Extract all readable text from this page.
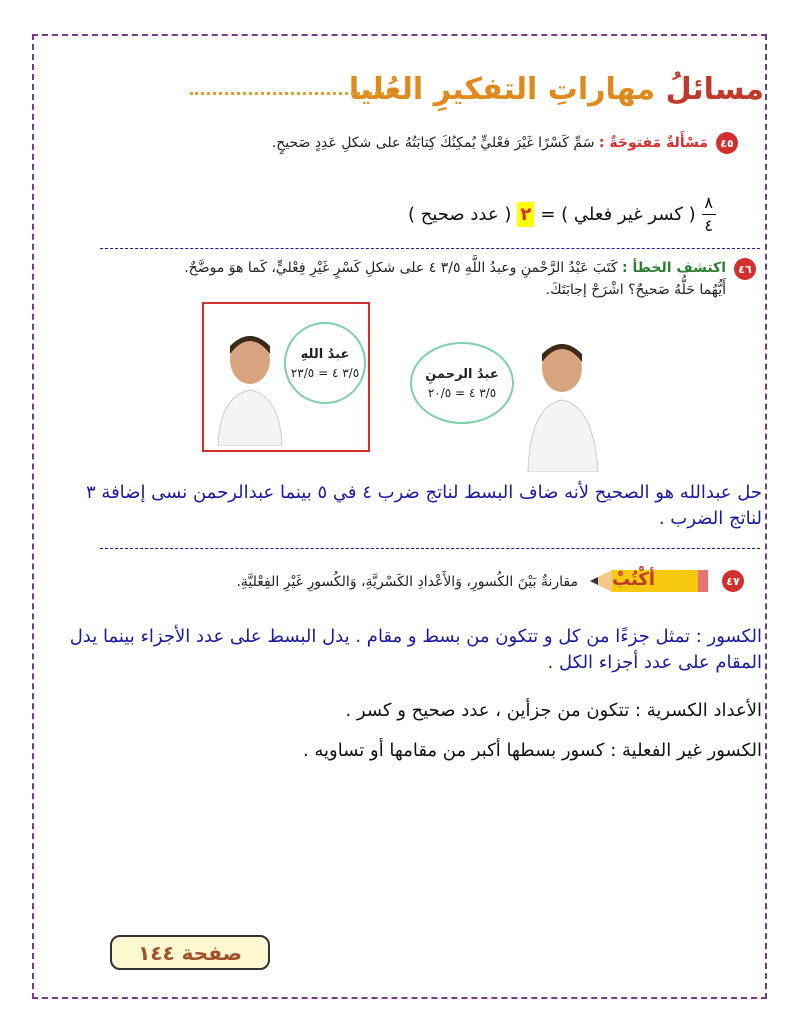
مسائلُ مهاراتِ التفكيرِ العُليا
٤٥
مَسْأَلةٌ مَفتوحَةٌ : سَمِّ كَسْرًا غَيْرَ فعْليٍّ يُمكِنُكَ كِتابَتُهُ على شكلِ عَدِدٍ صَحيحٍ.
( عدد صحيح ) ٢ ( كسر غير فعلي ) = $\frac{٨}{٤}$
٤٦
اكتشف الخطأ : كَتَبَ عَبْدُ الرَّحْمنِ وعبدُ اللَّهِ ٣/٥ ٤ على شكلِ كَسْرٍ غَيْرِ فِعْليٍّ، كَما هوَ موضَّحٌ.
أَيُّهُما حَلُّهُ صَحيحٌ؟ اشْرَحْ إجابَتَكَ.
عبدُ اللهِ
٣/٥ ٤ = ٢٣/٥	عبدُ الرحمنِ
٣/٥ ٤ = ٢٠/٥
حل عبدالله هو الصحيح لأنه ضاف البسط لناتج ضرب ٤ في ٥ بينما عبدالرحمن نسى إضافة ٣ لناتج الضرب .
٤٧
أكْتُبْ
مقارنةٌ بَيْنَ الكُسورِ، وَالأَعْدادِ الكَسْريَّةِ، وَالكُسورِ غَيْرِ الفِعْليَّةِ.
الكسور : تمثل جزءًا من كل و تتكون من بسط و مقام . يدل البسط على عدد الأجزاء بينما يدل المقام على عدد أجزاء الكل .
الأعداد الكسرية : تتكون من جزأين ، عدد صحيح و كسر .
الكسور غير الفعلية : كسور بسطها أكبر من مقامها أو تساويه .
صفحة ١٤٤
